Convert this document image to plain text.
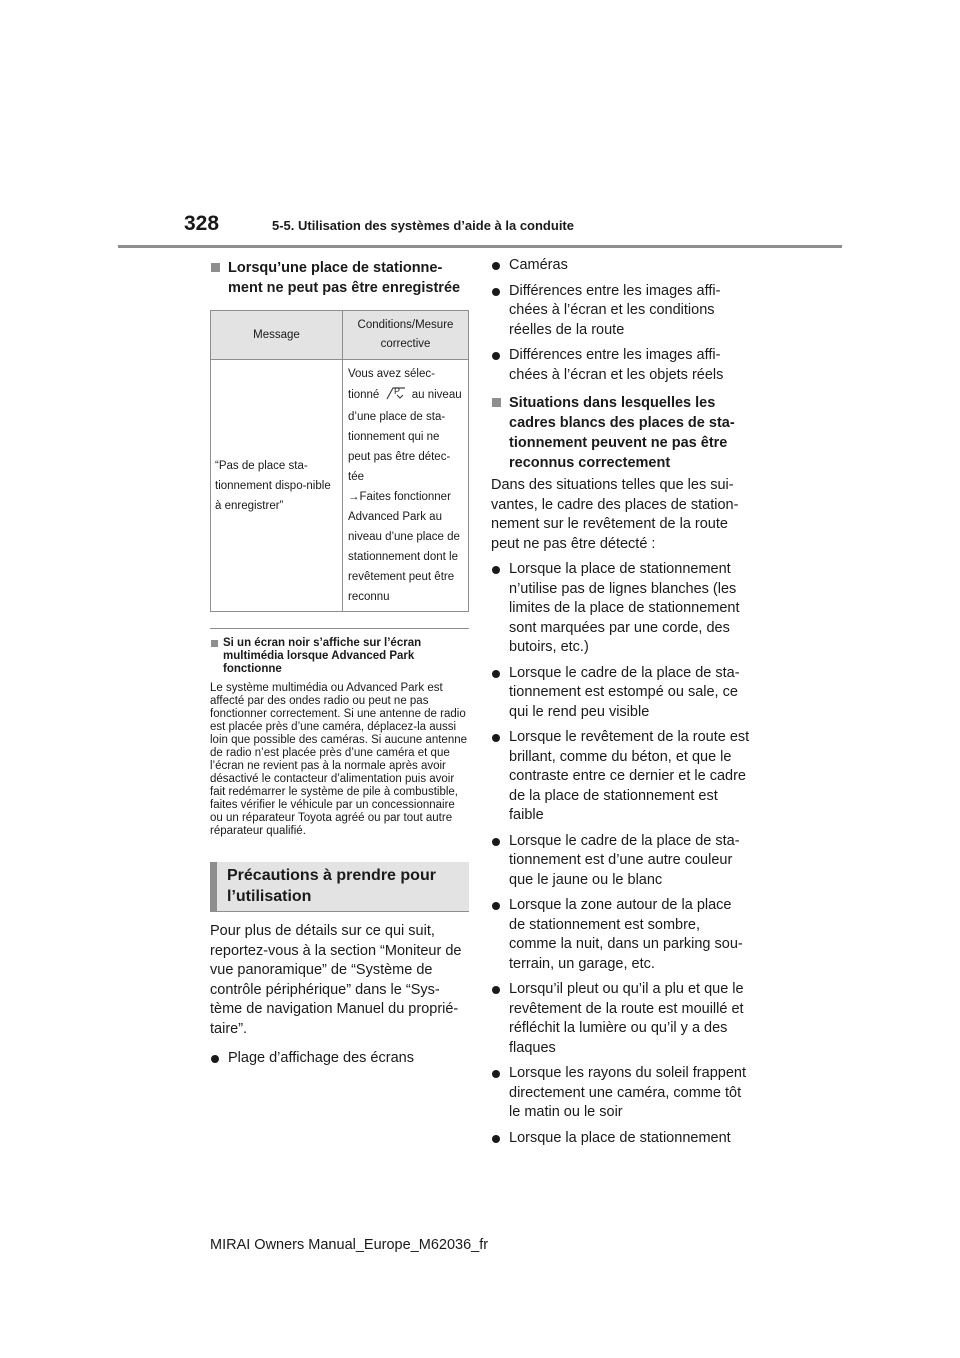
328	5-5. Utilisation des systèmes d’aide à la conduite
Lorsqu’une place de stationne-ment ne peut pas être enregistrée
Message	Conditions/Mesure corrective
“Pas de place sta-tionnement dispo-nible à enregistrer”	Vous avez sélec-tionné P au niveau d’une place de sta-tionnement qui ne peut pas être détec-tée
→Faites fonctionner Advanced Park au niveau d’une place de stationnement dont le revêtement peut être reconnu
Si un écran noir s’affiche sur l’écran multimédia lorsque Advanced Park fonctionne
Le système multimédia ou Advanced Park est affecté par des ondes radio ou peut ne pas fonctionner correctement. Si une antenne de radio est placée près d’une caméra, déplacez-la aussi loin que possible des caméras. Si aucune antenne de radio n’est placée près d’une caméra et que l’écran ne revient pas à la normale après avoir désactivé le contacteur d’alimentation puis avoir fait redémarrer le système de pile à combustible, faites vérifier le véhicule par un concessionnaire ou un réparateur Toyota agréé ou par tout autre réparateur qualifié.
Précautions à prendre pour l’utilisation
Pour plus de détails sur ce qui suit, reportez-vous à la section “Moniteur de vue panoramique” de “Système de contrôle périphérique” dans le “Sys-tème de navigation Manuel du proprié-taire”.
Plage d’affichage des écrans
Caméras
Différences entre les images affi-chées à l’écran et les conditions réelles de la route
Différences entre les images affi-chées à l’écran et les objets réels
Situations dans lesquelles les cadres blancs des places de sta-tionnement peuvent ne pas être reconnus correctement
Dans des situations telles que les sui-vantes, le cadre des places de station-nement sur le revêtement de la route peut ne pas être détecté :
Lorsque la place de stationnement n’utilise pas de lignes blanches (les limites de la place de stationnement sont marquées par une corde, des butoirs, etc.)
Lorsque le cadre de la place de sta-tionnement est estompé ou sale, ce qui le rend peu visible
Lorsque le revêtement de la route est brillant, comme du béton, et que le contraste entre ce dernier et le cadre de la place de stationnement est faible
Lorsque le cadre de la place de sta-tionnement est d’une autre couleur que le jaune ou le blanc
Lorsque la zone autour de la place de stationnement est sombre, comme la nuit, dans un parking sou-terrain, un garage, etc.
Lorsqu’il pleut ou qu’il a plu et que le revêtement de la route est mouillé et réfléchit la lumière ou qu’il y a des flaques
Lorsque les rayons du soleil frappent directement une caméra, comme tôt le matin ou le soir
Lorsque la place de stationnement
MIRAI Owners Manual_Europe_M62036_fr
